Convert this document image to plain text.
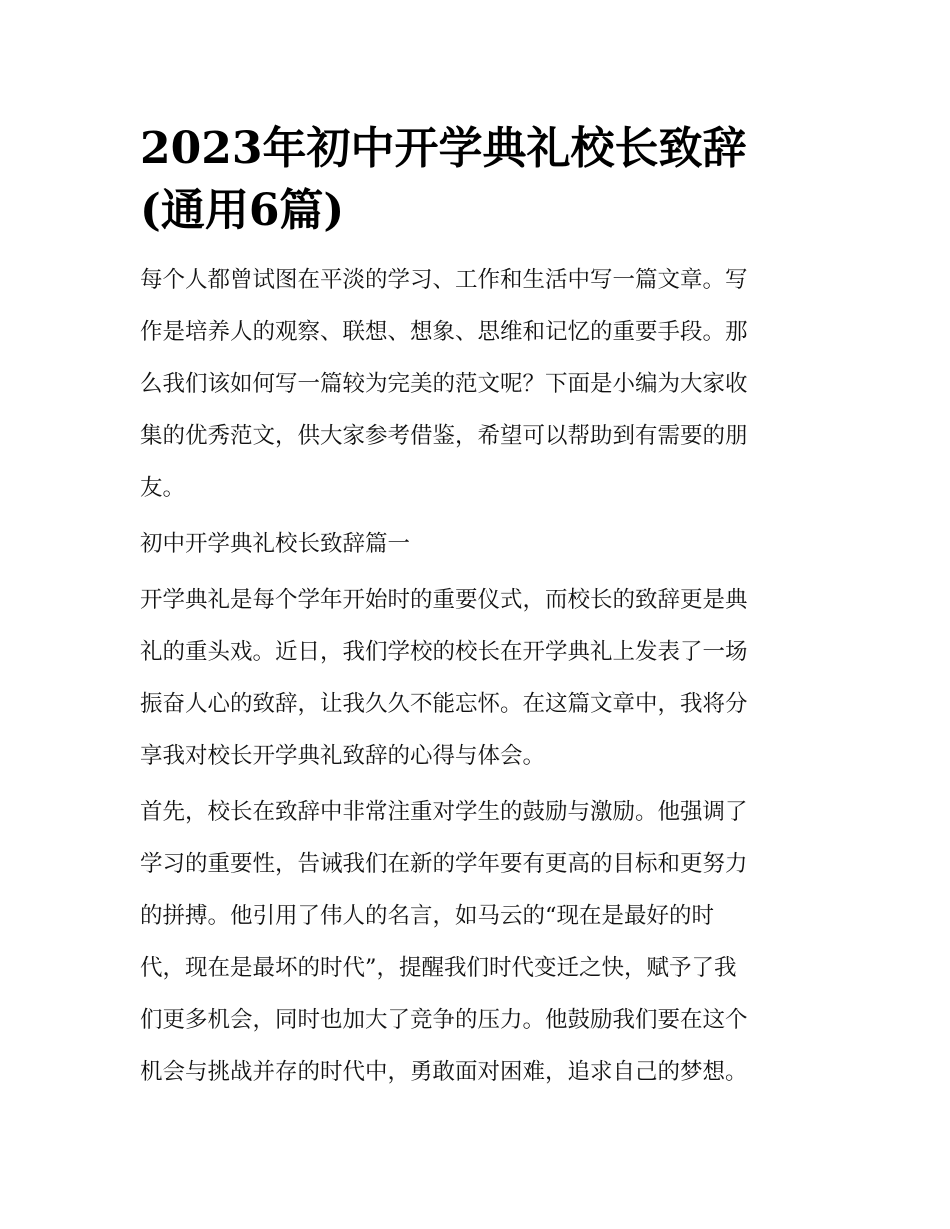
2023年初中开学典礼校长致辞
(通用6篇)

每个人都曾试图在平淡的学习、工作和生活中写一篇文章。写
作是培养人的观察、联想、想象、思维和记忆的重要手段。那
么我们该如何写一篇较为完美的范文呢？下面是小编为大家收
集的优秀范文，供大家参考借鉴，希望可以帮助到有需要的朋
友。

初中开学典礼校长致辞篇一

开学典礼是每个学年开始时的重要仪式，而校长的致辞更是典
礼的重头戏。近日，我们学校的校长在开学典礼上发表了一场
振奋人心的致辞，让我久久不能忘怀。在这篇文章中，我将分
享我对校长开学典礼致辞的心得与体会。

首先，校长在致辞中非常注重对学生的鼓励与激励。他强调了
学习的重要性，告诫我们在新的学年要有更高的目标和更努力
的拼搏。他引用了伟人的名言，如马云的“现在是最好的时
代，现在是最坏的时代”，提醒我们时代变迁之快，赋予了我
们更多机会，同时也加大了竞争的压力。他鼓励我们要在这个
机会与挑战并存的时代中，勇敢面对困难，追求自己的梦想。
